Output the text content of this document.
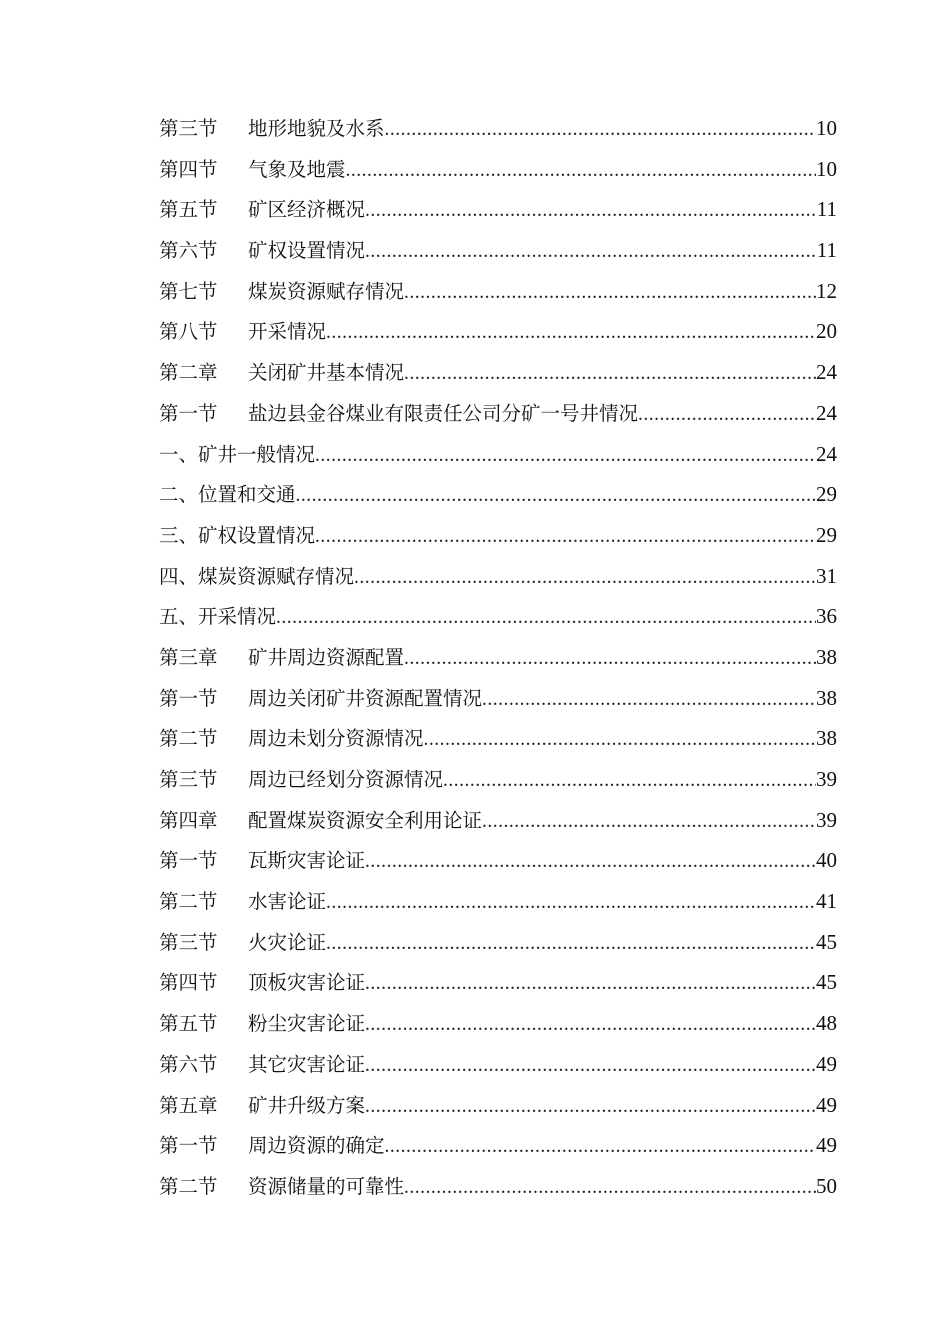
第三节	地形地貌及水系 .....	10
第四节	气象及地震 .....	10
第五节	矿区经济概况 .....	11
第六节	矿权设置情况 .....	11
第七节	煤炭资源赋存情况 .....	12
第八节	开采情况 .....	20
第二章	关闭矿井基本情况 .....	24
第一节	盐边县金谷煤业有限责任公司分矿一号井情况 .....	24
一、 矿井一般情况 .....	24
二、 位置和交通 .....	29
三、 矿权设置情况 .....	29
四、 煤炭资源赋存情况 .....	31
五、 开采情况 .....	36
第三章	矿井周边资源配置 .....	38
第一节	周边关闭矿井资源配置情况 .....	38
第二节	周边未划分资源情况 .....	38
第三节	周边已经划分资源情况 .....	39
第四章	配置煤炭资源安全利用论证 .....	39
第一节	瓦斯灾害论证 .....	40
第二节	水害论证 .....	41
第三节	火灾论证 .....	45
第四节	顶板灾害论证 .....	45
第五节	粉尘灾害论证 .....	48
第六节	其它灾害论证 .....	49
第五章	矿井升级方案 .....	49
第一节	周边资源的确定 .....	49
第二节	资源储量的可靠性 .....	50
